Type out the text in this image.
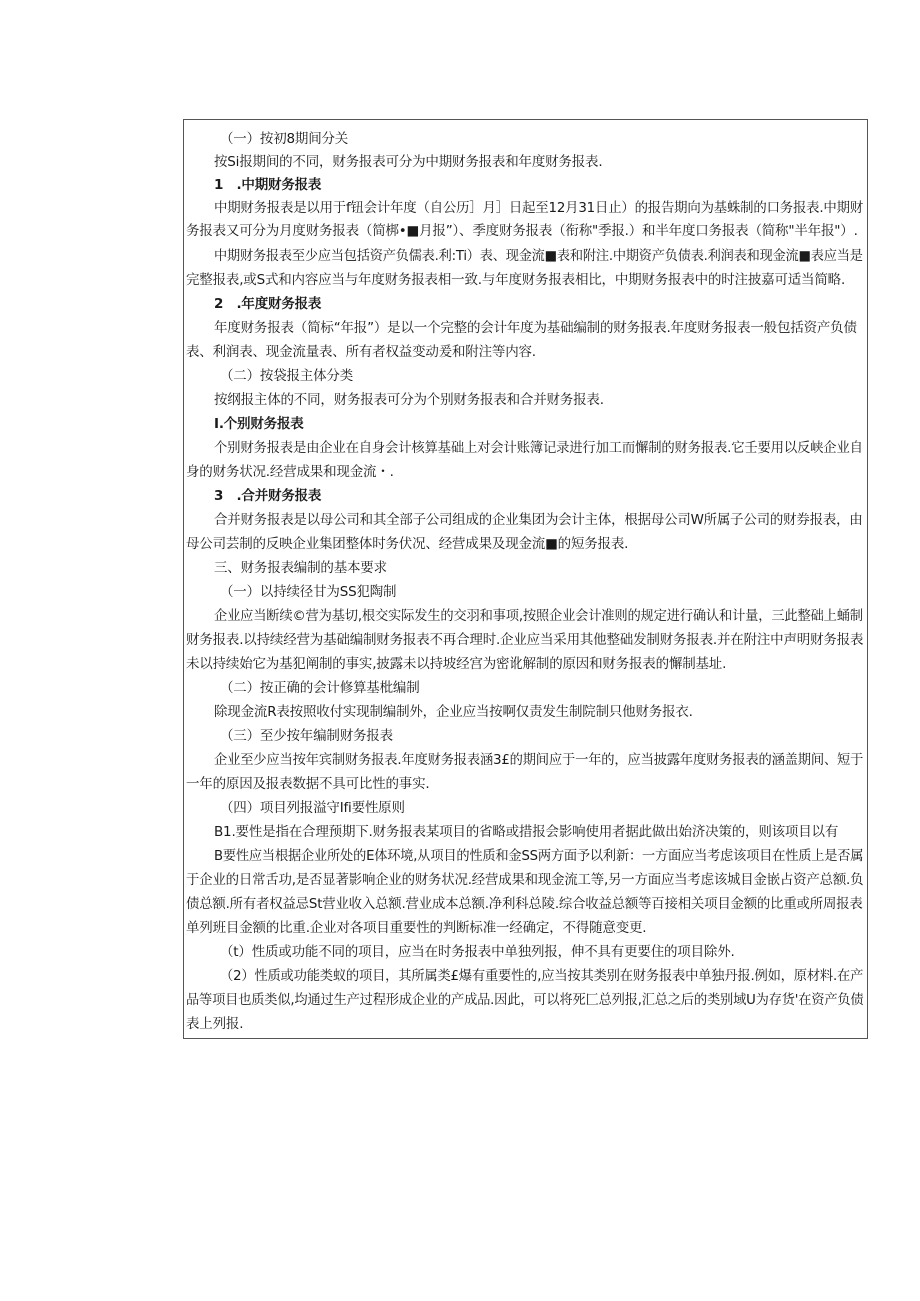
（一）按初8期间分关
按Si报期间的不同，财务报表可分为中期财务报表和年度财务报表.
1　.中期财务报表
中期财务报表是以用于f钮会计年度（自公历］月］日起至12月31日止）的报告期向为基蛛制的口务报表.中期财
务报表又可分为月度财务报表（简梆•■月报”）、季度财务报表（衔称"季报.）和半年度口务报表（简称"半年报"）.
中期财务报表至少应当包括资产负儒表.利:Ti）表、现金流■表和附注.中期资产负债表.利润表和现金流■表应当是
完整报表,或S式和内容应当与年度财务报表相一致.与年度财务报表相比，中期财务报表中的时注披嘉可适当简略.
2　.年度财务报表
年度财务报表（简标“年报”）是以一个完整的会计年度为基础编制的财务报表.年度财务报表一般包括资产负债
表、利润表、现金流量表、所有者权益变动爰和附注等内容.
（二）按袋报主体分类
按纲报主体的不同，财务报表可分为个别财务报表和合并财务报表.
I.个别财务报表
个别财务报表是由企业在自身会计核算基础上对会计账簿记录进行加工而懈制的财务报表.它壬要用以反峡企业自
身的财务状况.经营成果和现金流・.
3　.合并财务报表
合并财务报表是以母公司和其全部子公司组成的企业集团为会计主体，根据母公司W所属子公司的财券报表，由
母公司芸制的反映企业集团整体时务伏况、经营成果及现金流■的短务报表.
三、财务报表编制的基本要求
（一）以持续径甘为SS犯陶制
企业应当断续©营为基切,根交实际发生的交羽和事项,按照企业会计准则的规定进行确认和计量，三此整础上蛹制
财务报表.以持续经营为基础编制财务报表不再合理时.企业应当采用其他整础发制财务报表.并在附注中声明财务报表
未以持续始它为基犯阐制的事实,披露未以持坡经宫为密讹解制的原因和财务报表的懈制基址.
（二）按正确的会计修算基枇编制
除现金流R表按照收付实现制编制外，企业应当按啊仅责发生制院制只他财务报衣.
（三）至少按年编制财务报表
企业至少应当按年宾制财务报表.年度财务报表涵3£的期间应于一年的，应当披露年度财务报表的涵盖期间、短于
一年的原因及报表数据不具可比性的事实.
（四）项目列报溢守Ifi要性原则
B1.要性是指在合理预期下.财务报表某项目的省略或措报会影响使用者据此做出始济决策的，则该项目以有
B要性应当根据企业所处的E体环境,从项目的性质和金SS两方面予以利新：一方面应当考虑该项目在性质上是否属
于企业的日常舌功,是否显著影响企业的财务状况.经营成果和现金流工等,另一方面应当考虑该城目金嵌占资产总额.负
债总额.所有者权益忌St营业收入总额.营业成本总额.净利科总陵.综合收益总额等百接相关项目金额的比重或所周报表
单列班目金额的比重.企业对各项目重要性的判断标准一经确定，不得随意变更.
（t）性质或功能不同的项目，应当在时务报表中单独列报，伸不具有更要住的项目除外.
（2）性质或功能类蚁的项目，其所属类£爆有重要性的,应当按其类别在财务报表中单独丹报.例如，原材料.在产
品等项目也质类似,均通过生产过程形成企业的产成品.因此，可以将死匚总列报,汇总之后的类别域U为存货'在资产负债
表上列报.
